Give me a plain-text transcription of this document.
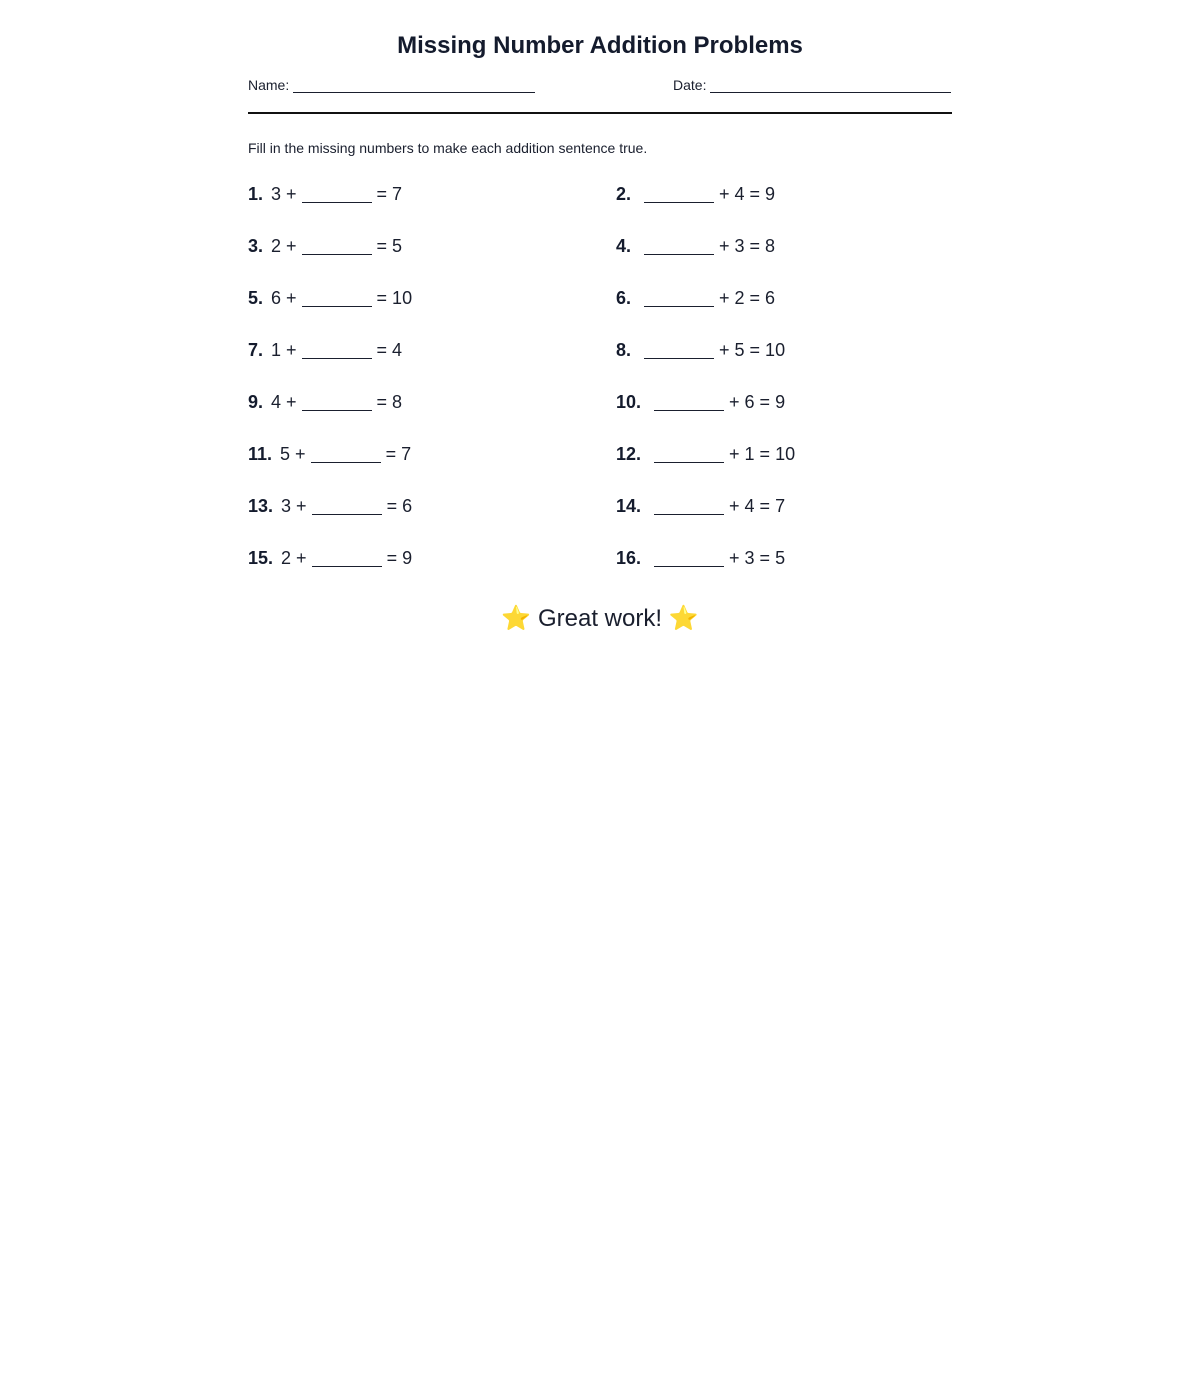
Missing Number Addition Problems
Name:	Date:
Fill in the missing numbers to make each addition sentence true.
1. 3 +	= 7	2.	+ 4 = 9
3. 2 +	= 5	4.	+ 3 = 8
5. 6 +	= 10	6.	+ 2 = 6
7. 1 +	= 4	8.	+ 5 = 10
9. 4 +	= 8	10.	+ 6 = 9
11. 5 +	= 7	12.	+ 1 = 10
13. 3 +	= 6	14.	+ 4 = 7
15. 2 +	= 9	16.	+ 3 = 5
⭐ Great work! ⭐
